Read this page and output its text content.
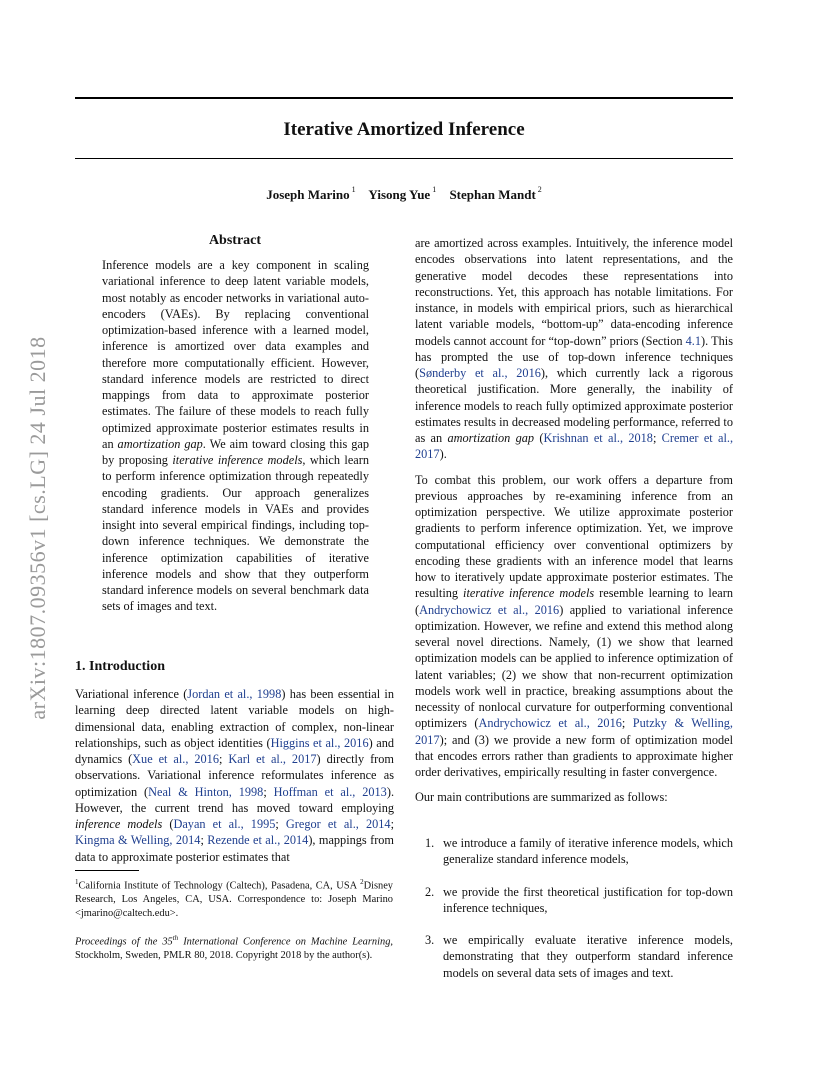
Iterative Amortized Inference
Joseph Marino $^1$ Yisong Yue $^1$ Stephan Mandt $^2$
arXiv:1807.09356v1 [cs.LG] 24 Jul 2018
Abstract

Inference models are a key component in scaling variational inference to deep latent variable models, most notably as encoder networks in variational auto-encoders (VAEs). By replacing conventional optimization-based inference with a learned model, inference is amortized over data examples and therefore more computationally efficient. However, standard inference models are restricted to direct mappings from data to approximate posterior estimates. The failure of these models to reach fully optimized approximate posterior estimates results in an amortization gap. We aim toward closing this gap by proposing iterative inference models, which learn to perform inference optimization through repeatedly encoding gradients. Our approach generalizes standard inference models in VAEs and provides insight into several empirical findings, including top-down inference techniques. We demonstrate the inference optimization capabilities of iterative inference models and show that they outperform standard inference models on several benchmark data sets of images and text.

1. Introduction

Variational inference (Jordan et al., 1998) has been essential in learning deep directed latent variable models on high-dimensional data, enabling extraction of complex, non-linear relationships, such as object identities (Higgins et al., 2016) and dynamics (Xue et al., 2016; Karl et al., 2017) directly from observations. Variational inference reformulates inference as optimization (Neal & Hinton, 1998; Hoffman et al., 2013). However, the current trend has moved toward employing inference models (Dayan et al., 1995; Gregor et al., 2014; Kingma & Welling, 2014; Rezende et al., 2014), mappings from data to approximate posterior estimates that

$^1$California Institute of Technology (Caltech), Pasadena, CA, USA $^2$Disney Research, Los Angeles, CA, USA. Correspondence to: Joseph Marino <jmarino@caltech.edu>.
Proceedings of the 35th International Conference on Machine Learning, Stockholm, Sweden, PMLR 80, 2018. Copyright 2018 by the author(s).

are amortized across examples. Intuitively, the inference model encodes observations into latent representations, and the generative model decodes these representations into reconstructions. Yet, this approach has notable limitations. For instance, in models with empirical priors, such as hierarchical latent variable models, “bottom-up” data-encoding inference models cannot account for “top-down” priors (Section 4.1). This has prompted the use of top-down inference techniques (Sønderby et al., 2016), which currently lack a rigorous theoretical justification. More generally, the inability of inference models to reach fully optimized approximate posterior estimates results in decreased modeling performance, referred to as an amortization gap (Krishnan et al., 2018; Cremer et al., 2017).

To combat this problem, our work offers a departure from previous approaches by re-examining inference from an optimization perspective. We utilize approximate posterior gradients to perform inference optimization. Yet, we improve computational efficiency over conventional optimizers by encoding these gradients with an inference model that learns how to iteratively update approximate posterior estimates. The resulting iterative inference models resemble learning to learn (Andrychowicz et al., 2016) applied to variational inference optimization. However, we refine and extend this method along several novel directions. Namely, (1) we show that learned optimization models can be applied to inference optimization of latent variables; (2) we show that non-recurrent optimization models work well in practice, breaking assumptions about the necessity of nonlocal curvature for outperforming conventional optimizers (Andrychowicz et al., 2016; Putzky & Welling, 2017); and (3) we provide a new form of optimization model that encodes errors rather than gradients to approximate higher order derivatives, empirically resulting in faster convergence.

Our main contributions are summarized as follows:

1. we introduce a family of iterative inference models, which generalize standard inference models,
2. we provide the first theoretical justification for top-down inference techniques,
3. we empirically evaluate iterative inference models, demonstrating that they outperform standard inference models on several data sets of images and text.
